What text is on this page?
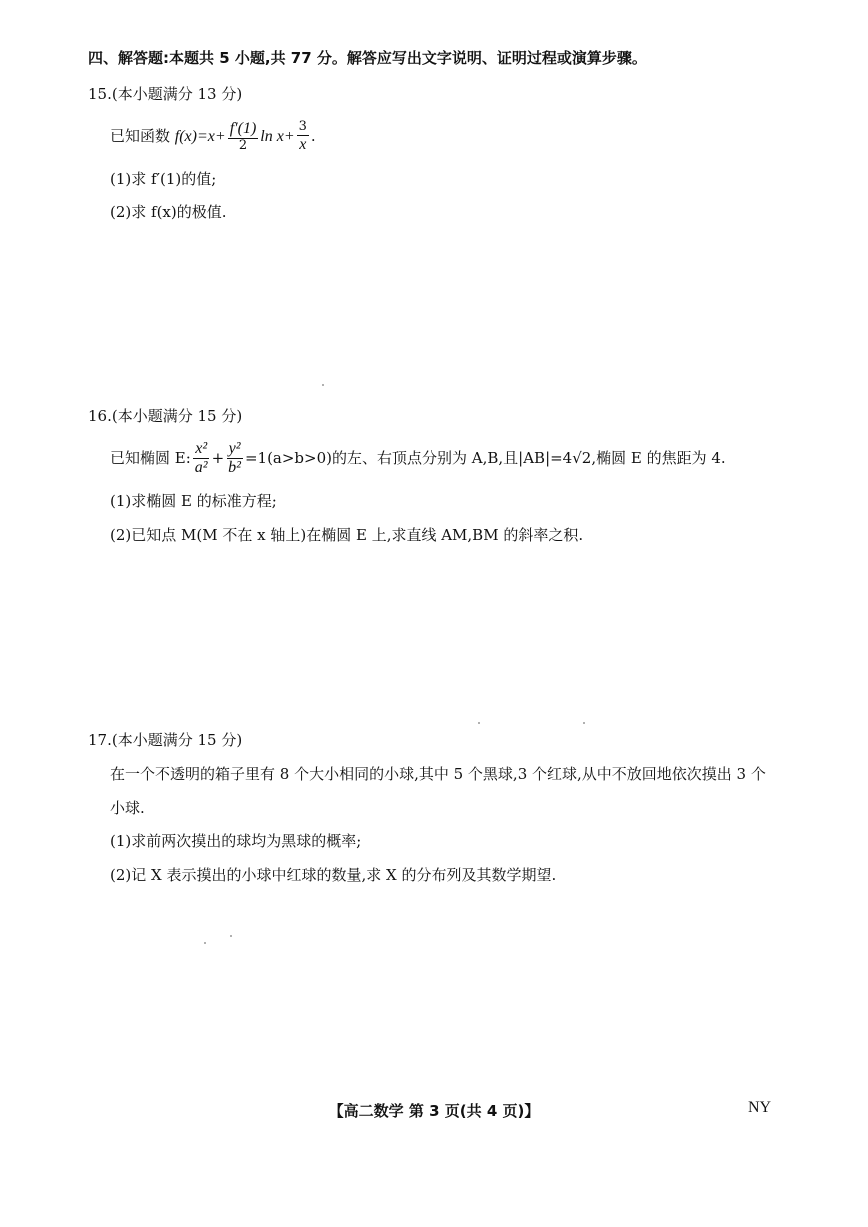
四、解答题:本题共 5 小题,共 77 分。解答应写出文字说明、证明过程或演算步骤。
15.(本小题满分 13 分)
已知函数 $f(x)=x+ \frac{f'(1)}{2}$ $\ln x+ \frac{3}{x}$ .
(1)求 f′(1)的值;
(2)求 f(x)的极值.
16.(本小题满分 15 分)
已知椭圆 E: $\frac{\text{x²}}{\text{a²}} + \frac{\text{y²}}{\text{b²}} =1(a>b>0)$的左、右顶点分别为 A,B,且|AB|=4√2,椭圆 E 的焦距为 4.
(1)求椭圆 E 的标准方程;
(2)已知点 M(M 不在 x 轴上)在椭圆 E 上,求直线 AM,BM 的斜率之积.
17.(本小题满分 15 分)
在一个不透明的箱子里有 8 个大小相同的小球,其中 5 个黑球,3 个红球,从中不放回地依次摸出 3 个
小球.
(1)求前两次摸出的球均为黑球的概率;
(2)记 X 表示摸出的小球中红球的数量,求 X 的分布列及其数学期望.
【高二数学 第 3 页(共 4 页)】	NY
